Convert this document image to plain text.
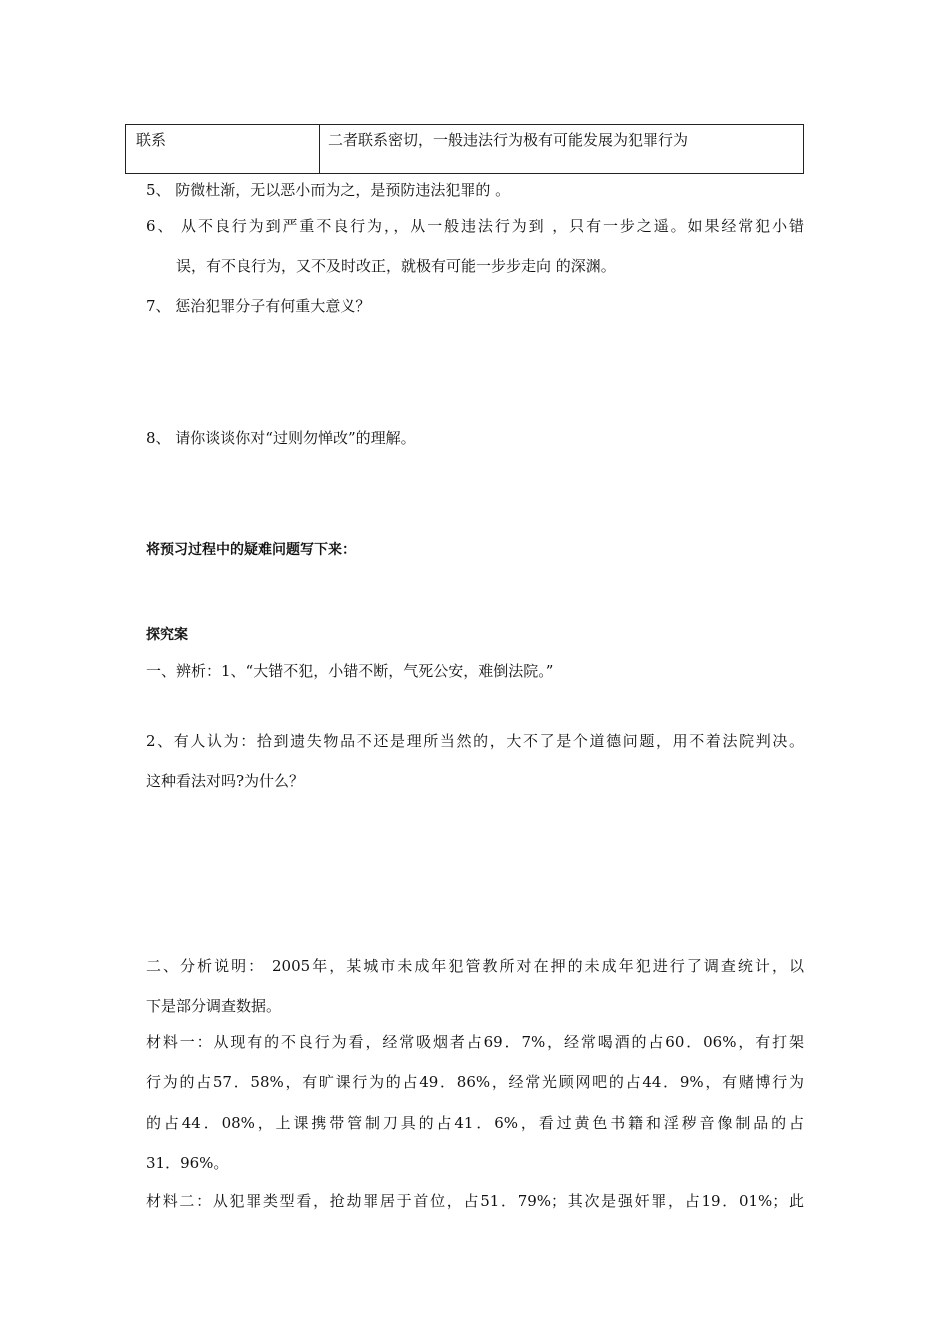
联系	二者联系密切，一般违法行为极有可能发展为犯罪行为
5、 防微杜渐，无以恶小而为之，是预防违法犯罪的 。
6、 从不良行为到严重不良行为，，从一般违法行为到 ，只有一步之遥。如果经常犯小错
误，有不良行为，又不及时改正，就极有可能一步步走向 的深渊。
7、 惩治犯罪分子有何重大意义？
8、 请你谈谈你对“过则勿惮改”的理解。
将预习过程中的疑难问题写下来：
探究案
一、辨析：1、“大错不犯，小错不断，气死公安，难倒法院。”
2、有人认为：拾到遗失物品不还是理所当然的，大不了是个道德问题，用不着法院判决。
这种看法对吗?为什么？
二、分析说明： 2005年，某城市未成年犯管教所对在押的未成年犯进行了调查统计，以
下是部分调查数据。
材料一：从现有的不良行为看，经常吸烟者占69．7%，经常喝酒的占60．06%，有打架
行为的占57．58%，有旷课行为的占49．86%，经常光顾网吧的占44．9%，有赌博行为
的占44．08%，上课携带管制刀具的占41．6%，看过黄色书籍和淫秽音像制品的占
31．96%。
材料二：从犯罪类型看，抢劫罪居于首位，占51．79%；其次是强奸罪，占19．01%；此
